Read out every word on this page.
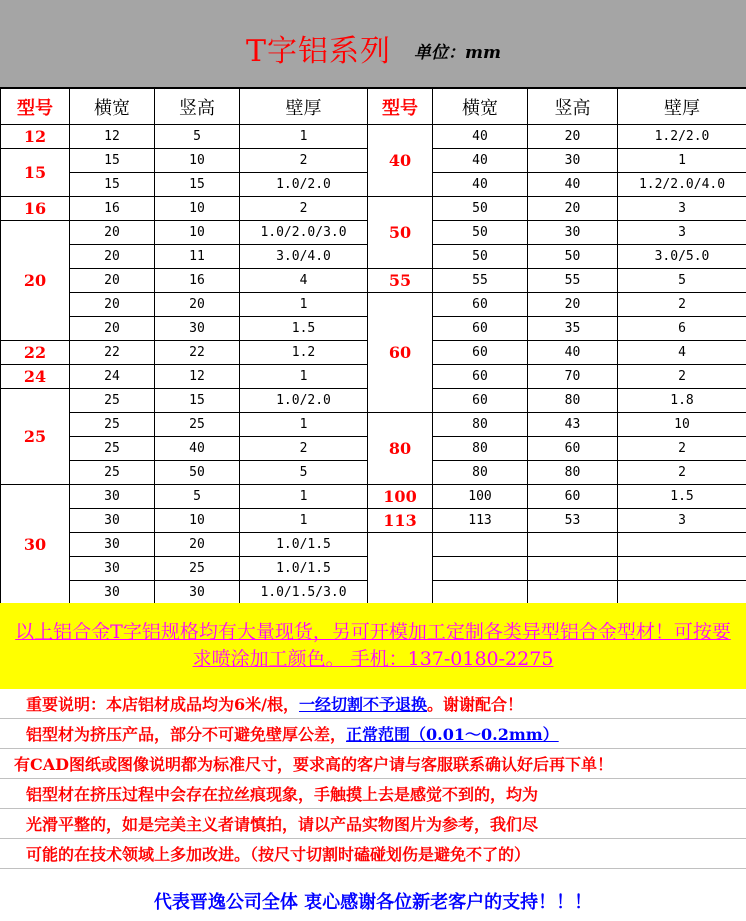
T字铝系列 单位：mm
型号	横宽	竖高	壁厚	型号	横宽	竖高	壁厚
12	12	5	1	40	40	20	1.2/2.0
15	15	10	2		40	30	1
	15	15	1.0/2.0		40	40	1.2/2.0/4.0
16	16	10	2	50	50	20	3
20	20	10	1.0/2.0/3.0		50	30	3
	20	11	3.0/4.0		50	50	3.0/5.0
	20	16	4	55	55	55	5
	20	20	1	60	60	20	2
	20	30	1.5		60	35	6
22	22	22	1.2		60	40	4
24	24	12	1		60	70	2
25	25	15	1.0/2.0		60	80	1.8
	25	25	1	80	80	43	10
	25	40	2		80	60	2
	25	50	5		80	80	2
30	30	5	1	100	100	60	1.5
	30	10	1	113	113	53	3
	30	20	1.0/1.5				
	30	25	1.0/1.5				
	30	30	1.0/1.5/3.0				
以上铝合金T字铝规格均有大量现货，另可开模加工定制各类异型铝合金型材！可按要求喷涂加工颜色。 手机：137-0180-2275
重要说明：本店铝材成品均为6米/根，一经切割不予退换。谢谢配合！
铝型材为挤压产品，部分不可避免壁厚公差，正常范围（0.01～0.2mm）
有CAD图纸或图像说明都为标准尺寸，要求高的客户请与客服联系确认好后再下单！
铝型材在挤压过程中会存在拉丝痕现象，手触摸上去是感觉不到的，均为
光滑平整的，如是完美主义者请慎拍，请以产品实物图片为参考，我们尽
可能的在技术领域上多加改进。（按尺寸切割时磕碰划伤是避免不了的）
代表晋逸公司全体 衷心感谢各位新老客户的支持！！！
